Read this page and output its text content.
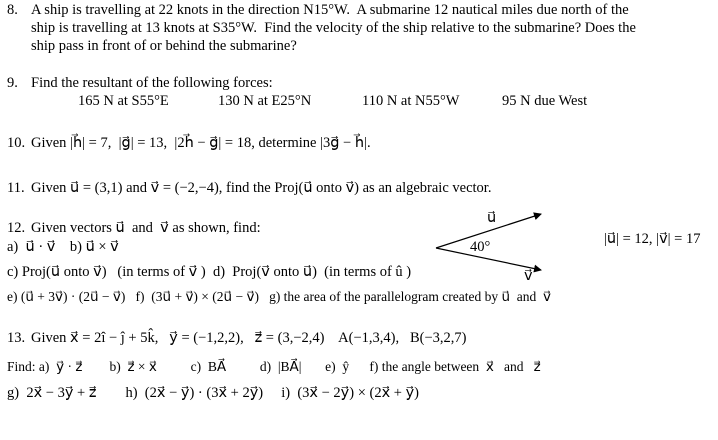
8. A ship is travelling at 22 knots in the direction N15°W.  A submarine 12 nautical miles due north of the
ship is travelling at 13 knots at S35°W.  Find the velocity of the ship relative to the submarine? Does the
ship pass in front of or behind the submarine?
9. Find the resultant of the following forces:
165 N at S55°E	130 N at E25°N	110 N at N55°W	95 N due West
10. Given |h⃗| = 7,  |g⃗| = 13,  |2h⃗ − g⃗| = 18, determine |3g⃗ − h⃗|.
11. Given u⃗ = (3,1) and v⃗ = (−2,−4), find the Proj(u⃗ onto v⃗) as an algebraic vector.
12. Given vectors u⃗  and  v⃗ as shown, find:
a)  u⃗ · v⃗    b) u⃗ × v⃗
c) Proj(u⃗ onto v⃗)   (in terms of v⃗ )  d)  Proj(v⃗ onto u⃗)  (in terms of û )
e) (u⃗ + 3v⃗) · (2u⃗ − v⃗)   f)  (3u⃗ + v⃗) × (2u⃗ − v⃗)   g) the area of the parallelogram created by u⃗  and  v⃗
u⃗
v⃗
40°	|u⃗| = 12, |v⃗| = 17
13. Given x⃗ = 2î − ĵ + 5k̂,   y⃗ = (−1,2,2),   z⃗ = (3,−2,4)    A(−1,3,4),   B(−3,2,7)
Find: a)  y⃗ · z⃗        b)  z⃗ × x⃗          c)  BA⃗          d)  |BA⃗|       e)  ŷ      f) the angle between  x⃗   and   z⃗
g)  2x⃗ − 3y⃗ + z⃗        h)  (2x⃗ − y⃗) · (3x⃗ + 2y⃗)     i)  (3x⃗ − 2y⃗) × (2x⃗ + y⃗)
